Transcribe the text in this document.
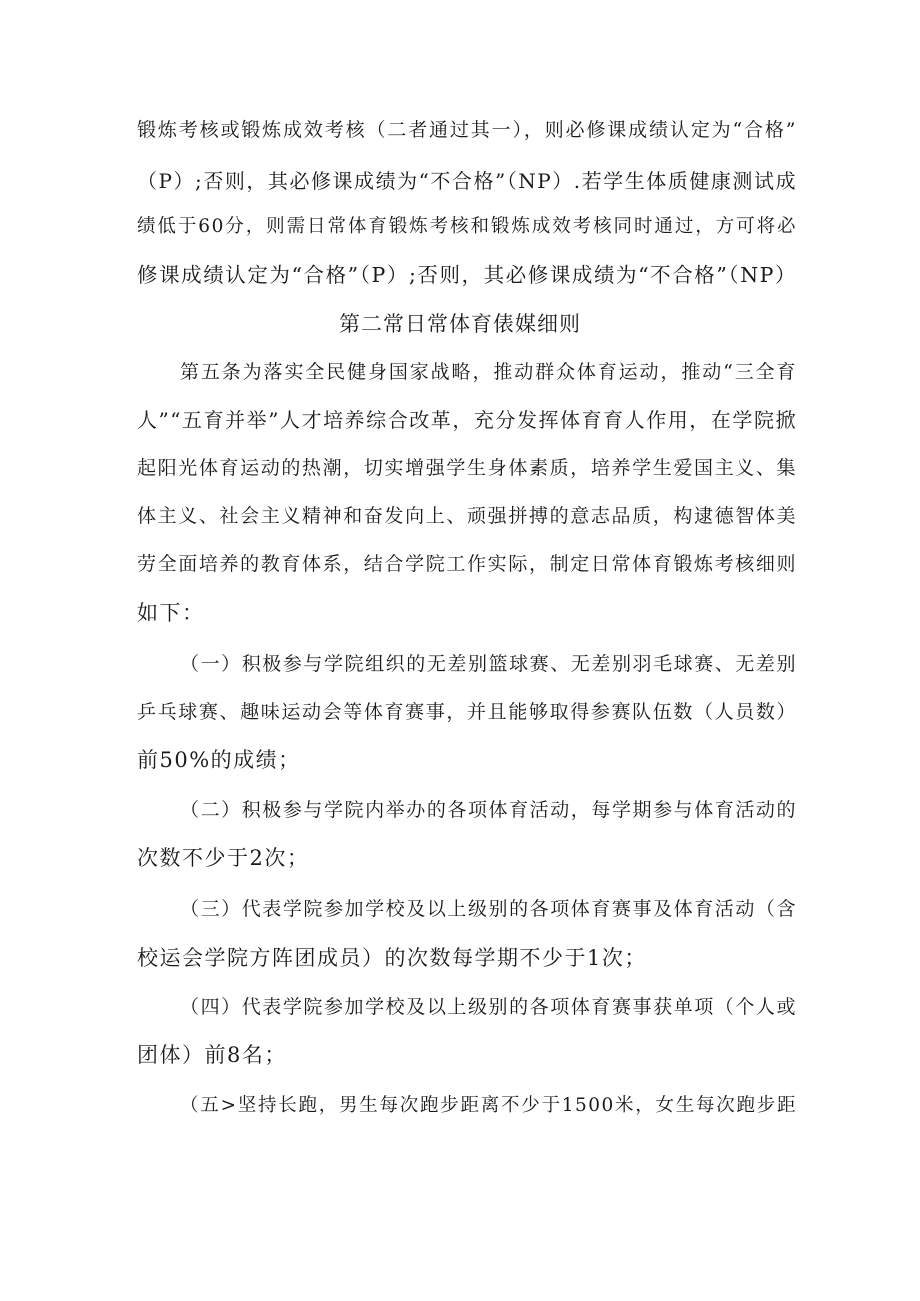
锻炼考核或锻炼成效考核（二者通过其一），则必修课成绩认定为“合格”
（P）;否则，其必修课成绩为“不合格”（NP）.若学生体质健康测试成
绩低于60分，则需日常体育锻炼考核和锻炼成效考核同时通过，方可将必
修课成绩认定为“合格”（P）;否则，其必修课成绩为“不合格”（NP）
第二常日常体育俵媒细则
第五条为落实全民健身国家战略，推动群众体育运动，推动“三全育
人”“五育并举”人才培养综合改革，充分发挥体育育人作用，在学院掀
起阳光体育运动的热潮，切实增强学生身体素质，培养学生爱国主义、集
体主义、社会主义精神和奋发向上、顽强拼搏的意志品质，构逮德智体美
劳全面培养的教育体系，结合学院工作实际，制定日常体育锻炼考核细则
如下：
（一）积极参与学院组织的无差别篮球赛、无差别羽毛球赛、无差别
乒乓球赛、趣味运动会等体育赛事，并且能够取得参赛队伍数（人员数）
前50%的成绩；
（二）积极参与学院内举办的各项体育活动，每学期参与体育活动的
次数不少于2次；
（三）代表学院参加学校及以上级别的各项体育赛事及体育活动（含
校运会学院方阵团成员）的次数每学期不少于1次；
（四）代表学院参加学校及以上级别的各项体育赛事获单项（个人或
团体）前8名；
（五>坚持长跑，男生每次跑步距离不少于1500米，女生每次跑步距
